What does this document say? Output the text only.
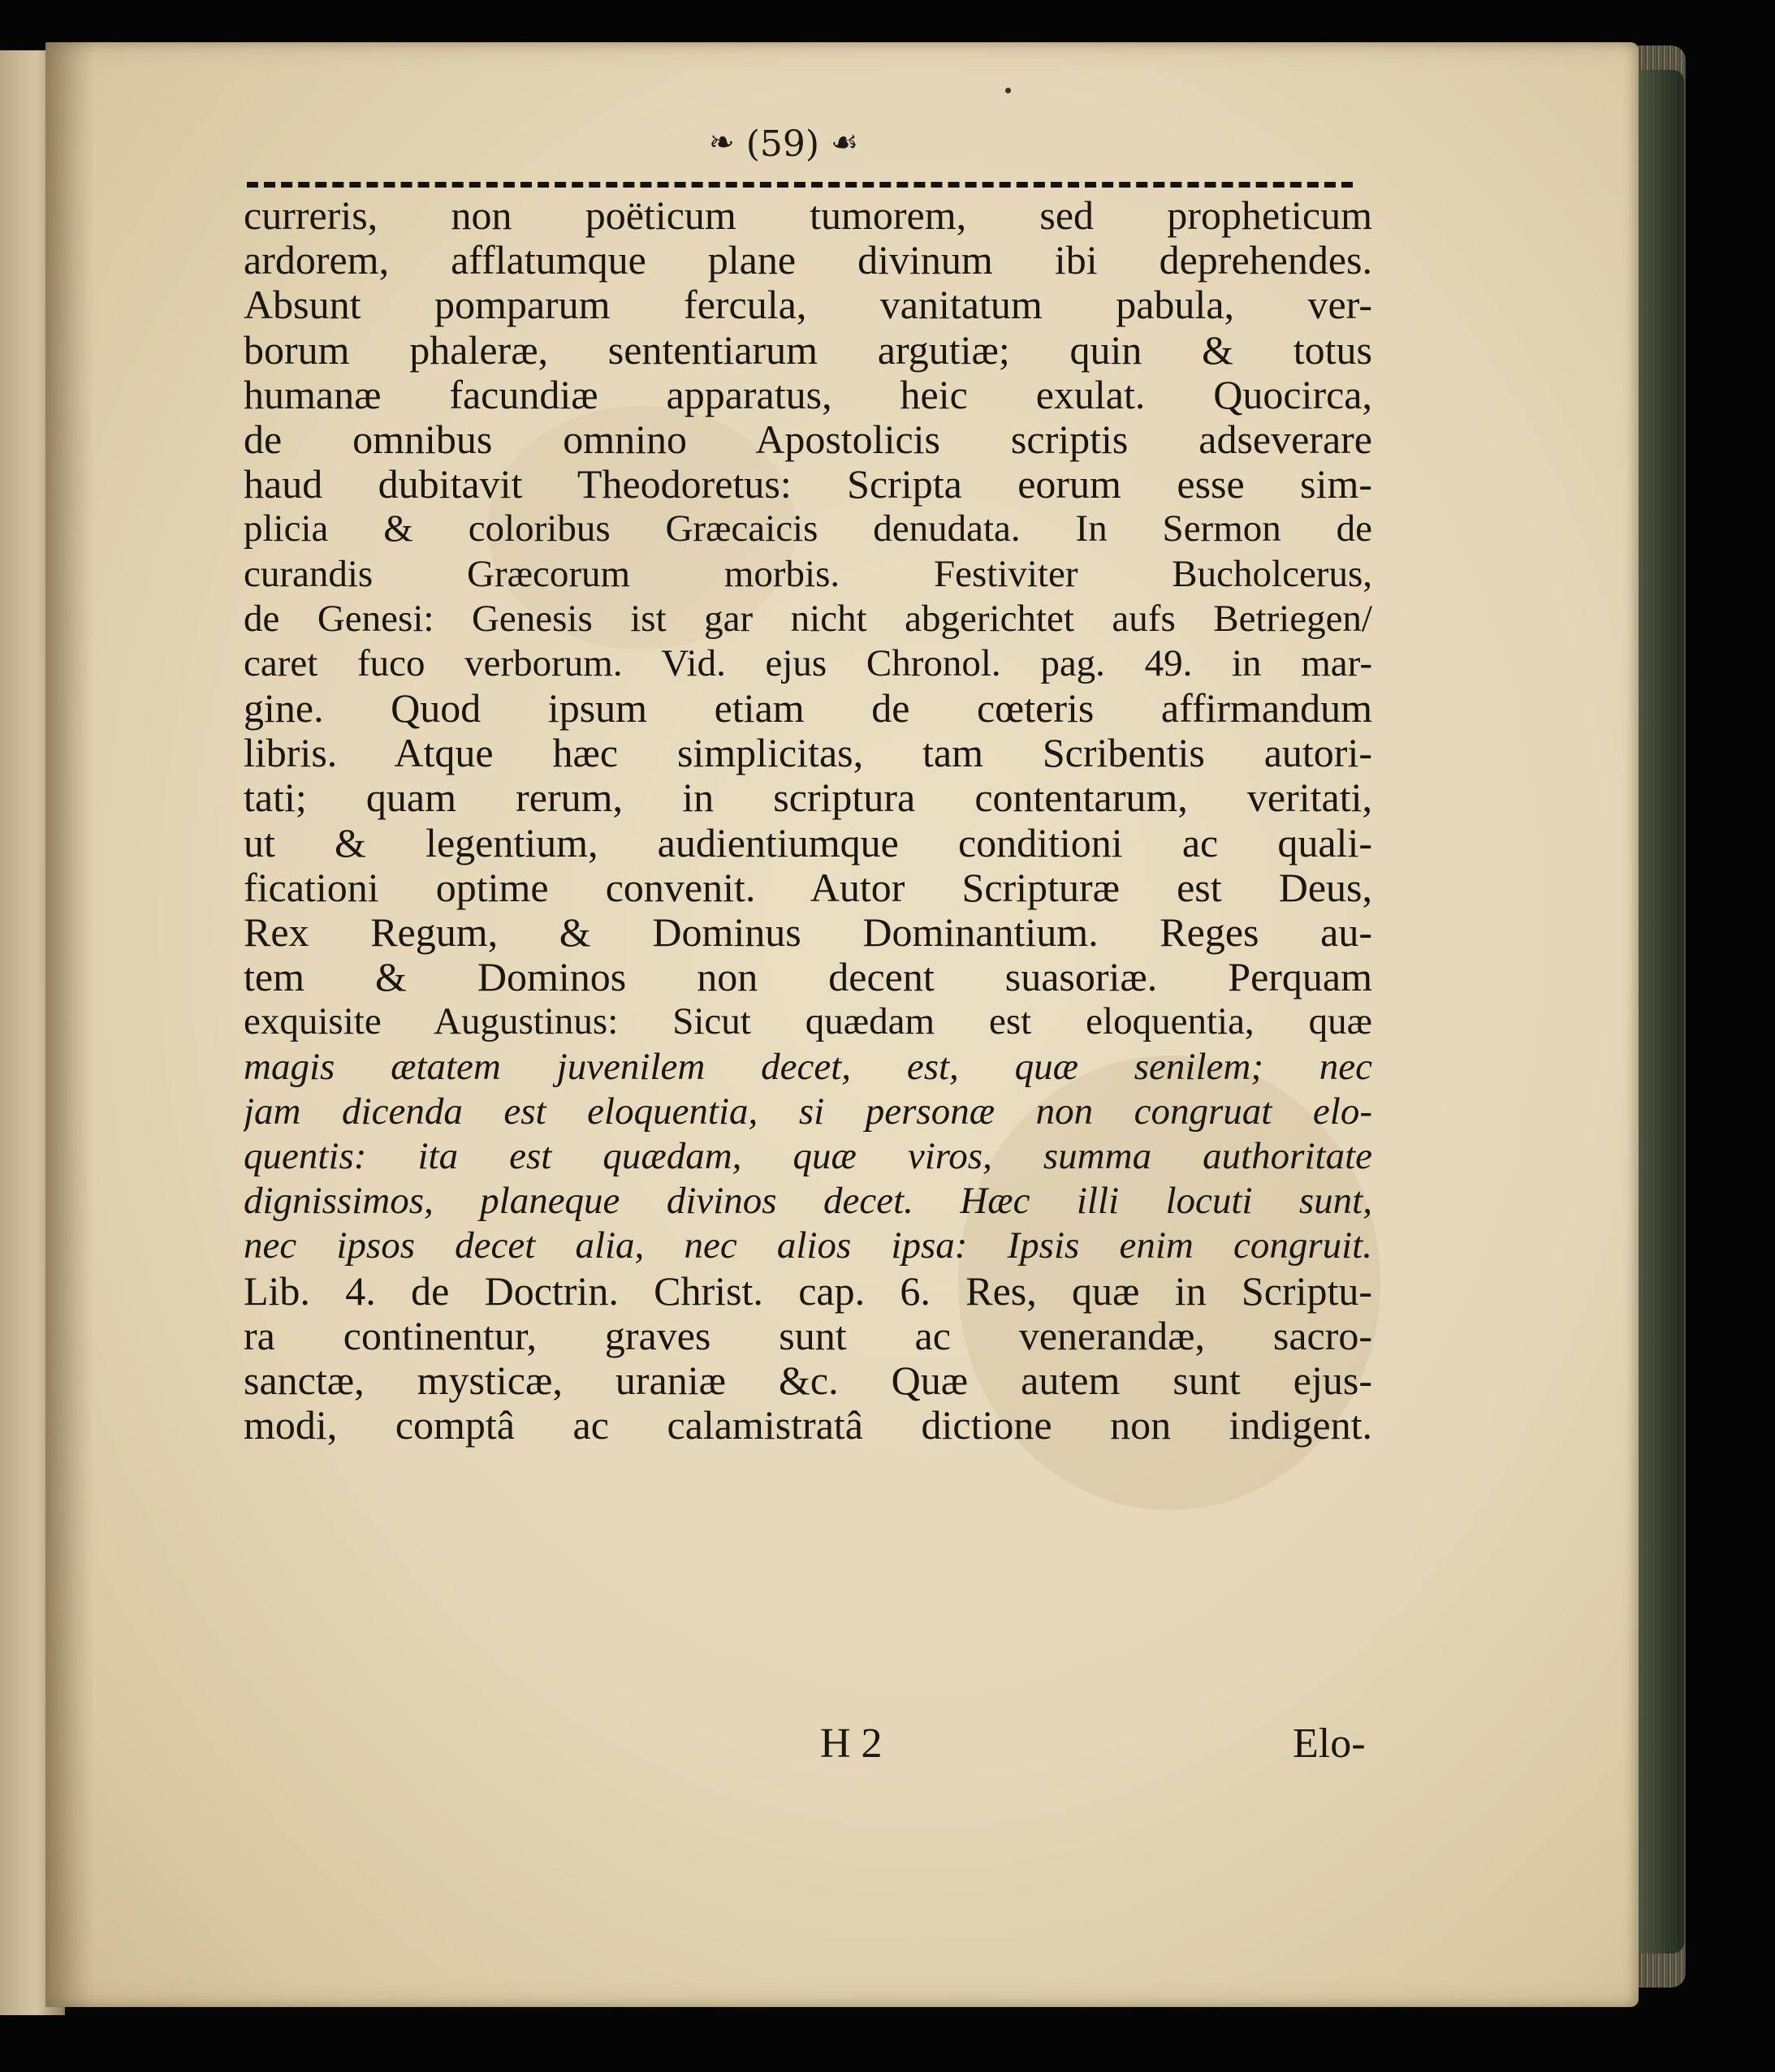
❧ (59) ☙
curreris, non poëticum tumorem, sed propheticum
ardorem, afflatumque plane divinum ibi deprehendes.
Absunt pomparum fercula, vanitatum pabula, ver-
borum phaleræ, sententiarum argutiæ; quin & totus
humanæ facundiæ apparatus, heic exulat. Quocirca,
de omnibus omnino Apostolicis scriptis adseverare
haud dubitavit Theodoretus: Scripta eorum esse sim-
plicia & coloribus Græcaicis denudata. In Sermon de
curandis Græcorum morbis. Festiviter Bucholcerus,
de Genesi: Genesis ist gar nicht abgerichtet aufs Betriegen/
caret fuco verborum. Vid. ejus Chronol. pag. 49. in mar-
gine. Quod ipsum etiam de cœteris affirmandum
libris. Atque hæc simplicitas, tam Scribentis autori-
tati; quam rerum, in scriptura contentarum, veritati,
ut & legentium, audientiumque conditioni ac quali-
ficationi optime convenit. Autor Scripturæ est Deus,
Rex Regum, & Dominus Dominantium. Reges au-
tem & Dominos non decent suasoriæ. Perquam
exquisite Augustinus: Sicut quædam est eloquentia, quæ
magis ætatem juvenilem decet, est, quæ senilem; nec
jam dicenda est eloquentia, si personæ non congruat elo-
quentis: ita est quædam, quæ viros, summa authoritate
dignissimos, planeque divinos decet. Hæc illi locuti sunt,
nec ipsos decet alia, nec alios ipsa: Ipsis enim congruit.
Lib. 4. de Doctrin. Christ. cap. 6. Res, quæ in Scriptu-
ra continentur, graves sunt ac venerandæ, sacro-
sanctæ, mysticæ, uraniæ &c. Quæ autem sunt ejus-
modi, comptâ ac calamistratâ dictione non indigent.
H 2	Elo-
